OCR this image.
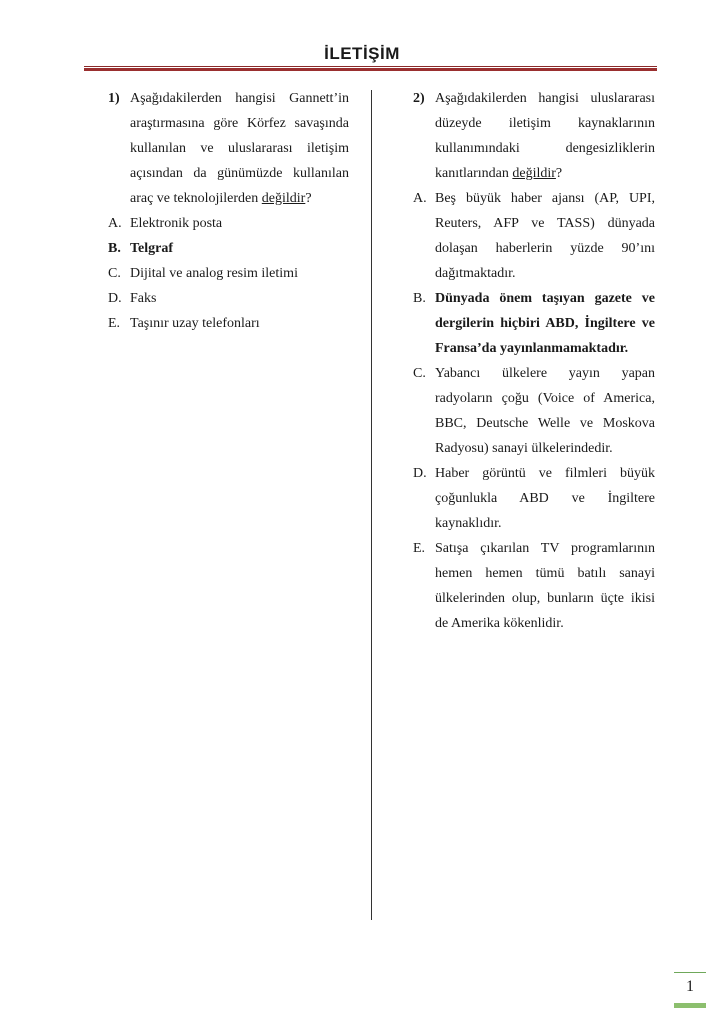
İLETİŞİM
1) Aşağıdakilerden hangisi Gannett’in araştırmasına göre Körfez savaşında kullanılan ve uluslararası iletişim açısından da günümüzde kullanılan araç ve teknolojilerden değildir?
A. Elektronik posta
B. Telgraf
C. Dijital ve analog resim iletimi
D. Faks
E. Taşınır uzay telefonları
2) Aşağıdakilerden hangisi uluslararası düzeyde iletişim kaynaklarının kullanımındaki dengesizliklerin kanıtlarından değildir?
A. Beş büyük haber ajansı (AP, UPI, Reuters, AFP ve TASS) dünyada dolaşan haberlerin yüzde 90’ını dağıtmaktadır.
B. Dünyada önem taşıyan gazete ve dergilerin hiçbiri ABD, İngiltere ve Fransa’da yayınlanmamaktadır.
C. Yabancı ülkelere yayın yapan radyoların çoğu (Voice of America, BBC, Deutsche Welle ve Moskova Radyosu) sanayi ülkelerindedir.
D. Haber görüntü ve filmleri büyük çoğunlukla ABD ve İngiltere kaynaklıdır.
E. Satışa çıkarılan TV programlarının hemen hemen tümü batılı sanayi ülkelerinden olup, bunların üçte ikisi de Amerika kökenlidir.
1
